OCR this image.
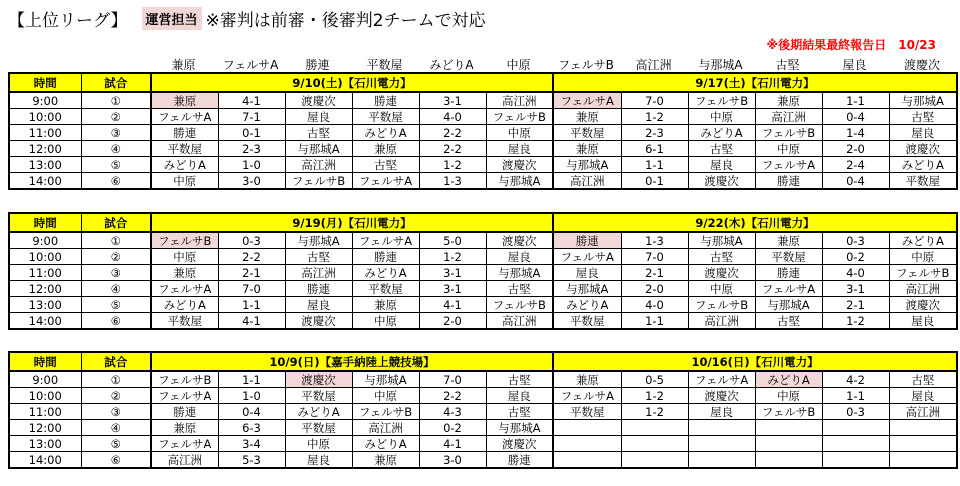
【上位リーグ】	運営担当 ※審判は前審・後審判2チームで対応
※後期結果最終報告日　10/23
		兼原	フェルサA	勝連	平数屋	みどりA	中原	フェルサB	高江洲	与那城A	古堅	屋良	渡慶次
時間	試合	9/10(土)【石川電力】						9/17(土)【石川電力】					
9:00	①	兼原	4-1	渡慶次	勝連	3-1	高江洲	フェルサA	7-0	フェルサB	兼原	1-1	与那城A
10:00	②	フェルサA	7-1	屋良	平数屋	4-0	フェルサB	兼原	1-2	中原	高江洲	0-4	古堅
11:00	③	勝連	0-1	古堅	みどりA	2-2	中原	平数屋	2-3	みどりA	フェルサB	1-4	屋良
12:00	④	平数屋	2-3	与那城A	兼原	2-2	屋良	兼原	6-1	古堅	中原	2-0	渡慶次
13:00	⑤	みどりA	1-0	高江洲	古堅	1-2	渡慶次	与那城A	1-1	屋良	フェルサA	2-4	みどりA
14:00	⑥	中原	3-0	フェルサB	フェルサA	1-3	与那城A	高江洲	0-1	渡慶次	勝連	0-4	平数屋
時間	試合	9/19(月)【石川電力】						9/22(木)【石川電力】					
9:00	①	フェルサB	0-3	与那城A	フェルサA	5-0	渡慶次	勝連	1-3	与那城A	兼原	0-3	みどりA
10:00	②	中原	2-2	古堅	勝連	1-2	屋良	フェルサA	7-0	古堅	平数屋	0-2	中原
11:00	③	兼原	2-1	高江洲	みどりA	3-1	与那城A	屋良	2-1	渡慶次	勝連	4-0	フェルサB
12:00	④	フェルサA	7-0	勝連	平数屋	3-1	古堅	与那城A	2-0	中原	フェルサA	3-1	高江洲
13:00	⑤	みどりA	1-1	屋良	兼原	4-1	フェルサB	みどりA	4-0	フェルサB	与那城A	2-1	渡慶次
14:00	⑥	平数屋	4-1	渡慶次	中原	2-0	高江洲	平数屋	1-1	高江洲	古堅	1-2	屋良
時間	試合	10/9(日)【嘉手納陸上競技場】						10/16(日)【石川電力】					
9:00	①	フェルサB	1-1	渡慶次	与那城A	7-0	古堅	兼原	0-5	フェルサA	みどりA	4-2	古堅
10:00	②	フェルサA	1-0	平数屋	中原	2-2	屋良	フェルサA	1-2	渡慶次	中原	1-1	屋良
11:00	③	勝連	0-4	みどりA	フェルサB	4-3	古堅	平数屋	1-2	屋良	フェルサB	0-3	高江洲
12:00	④	兼原	6-3	平数屋	高江洲	0-2	与那城A						
13:00	⑤	フェルサA	3-4	中原	みどりA	4-1	渡慶次						
14:00	⑥	高江洲	5-3	屋良	兼原	3-0	勝連						
